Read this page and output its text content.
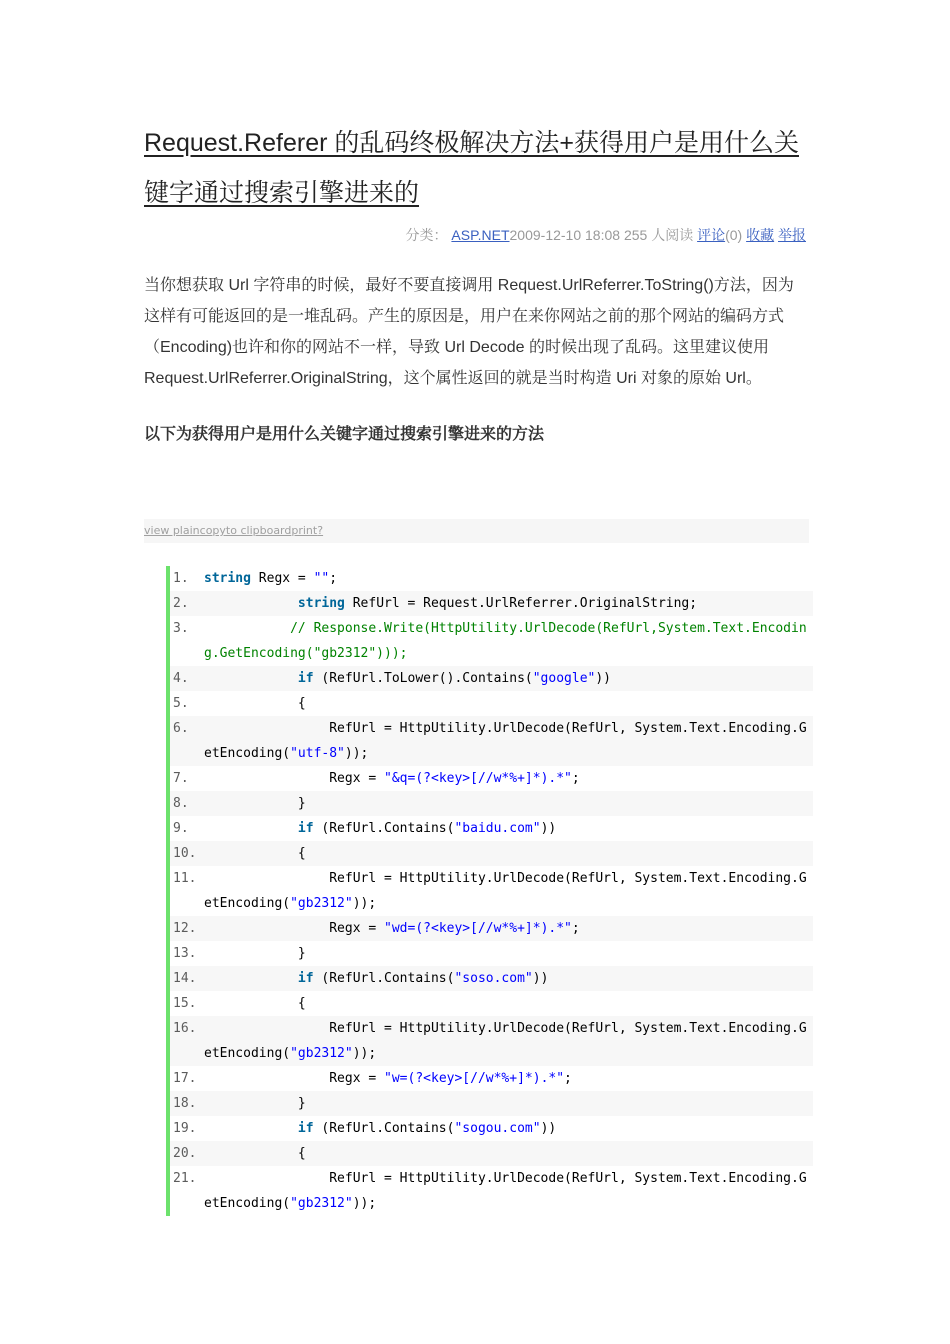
Request.Referer 的乱码终极解决方法+获得用户是用什么关键字通过搜索引擎进来的
分类： ASP.NET2009-12-10 18:08 255 人阅读 评论(0) 收藏 举报
当你想获取 Url 字符串的时候，最好不要直接调用 Request.UrlReferrer.ToString()方法，因为这样有可能返回的是一堆乱码。产生的原因是，用户在来你网站之前的那个网站的编码方式（Encoding)也许和你的网站不一样，导致 Url Decode 的时候出现了乱码。这里建议使用 Request.UrlReferrer.OriginalString，这个属性返回的就是当时构造 Uri 对象的原始 Url。
以下为获得用户是用什么关键字通过搜索引擎进来的方法
view plaincopyto clipboardprint?
1.	string Regx = "";
2.	string RefUrl = Request.UrlReferrer.OriginalString;
3.	// Response.Write(HttpUtility.UrlDecode(RefUrl,System.Text.Encoding.GetEncoding("gb2312")));
4.	if (RefUrl.ToLower().Contains("google"))
5.	{
6.	RefUrl = HttpUtility.UrlDecode(RefUrl, System.Text.Encoding.GetEncoding("utf-8"));
7.	Regx = "&q=(?<key>[//w*%+]*).*";
8.	}
9.	if (RefUrl.Contains("baidu.com"))
10. {
11. RefUrl = HttpUtility.UrlDecode(RefUrl, System.Text.Encoding.GetEncoding("gb2312"));
12. Regx = "wd=(?<key>[//w*%+]*).*";
13. }
14.	if (RefUrl.Contains("soso.com"))
15. {
16. RefUrl = HttpUtility.UrlDecode(RefUrl, System.Text.Encoding.GetEncoding("gb2312"));
17. Regx = "w=(?<key>[//w*%+]*).*";
18. }
19.	if (RefUrl.Contains("sogou.com"))
20. {
21. RefUrl = HttpUtility.UrlDecode(RefUrl, System.Text.Encoding.GetEncoding("gb2312"));
